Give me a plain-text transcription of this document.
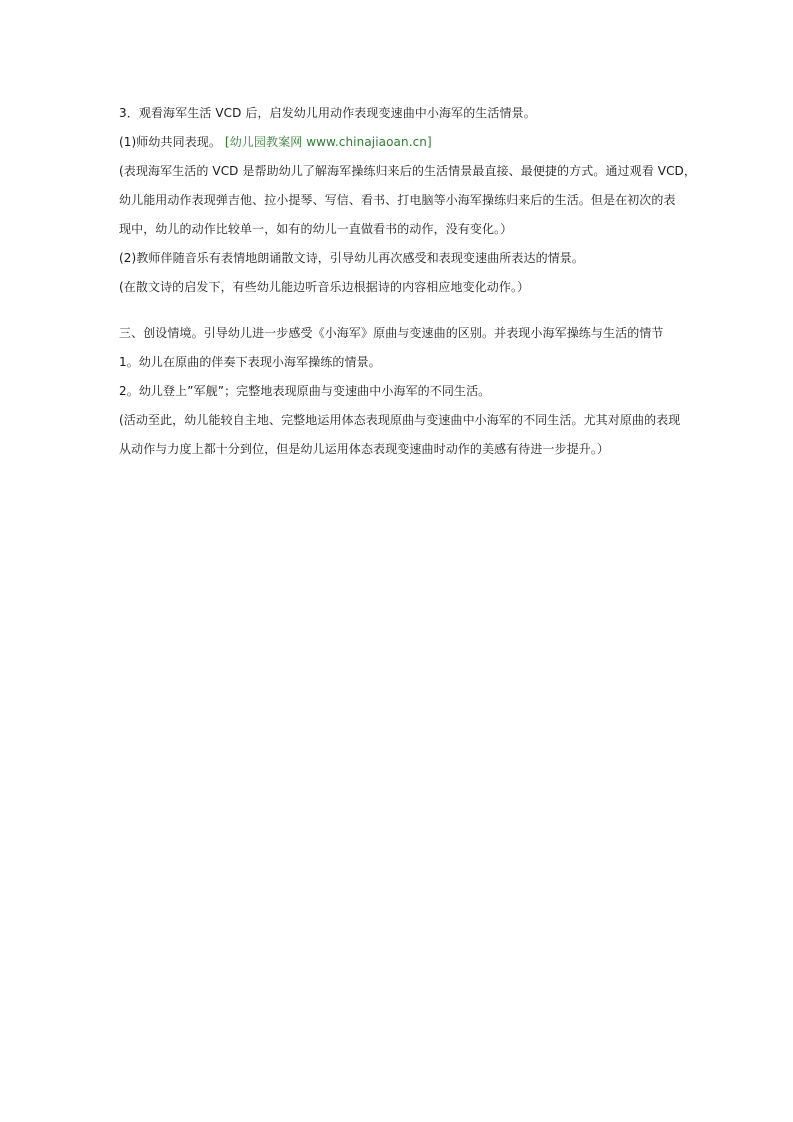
3．观看海军生活 VCD 后，启发幼儿用动作表现变速曲中小海军的生活情景。
(1)师幼共同表现。 [幼儿园教案网 www.chinajiaoan.cn]
(表现海军生活的 VCD 是帮助幼儿了解海军操练归来后的生活情景最直接、最便捷的方式。通过观看 VCD，
幼儿能用动作表现弹吉他、拉小提琴、写信、看书、打电脑等小海军操练归来后的生活。但是在初次的表
现中，幼儿的动作比较单一，如有的幼儿一直做看书的动作，没有变化。）
(2)教师伴随音乐有表情地朗诵散文诗，引导幼儿再次感受和表现变速曲所表达的情景。
(在散文诗的启发下，有些幼儿能边听音乐边根据诗的内容相应地变化动作。）
三、创设情境。引导幼儿进一步感受《小海军》原曲与变速曲的区别。并表现小海军操练与生活的情节
1。幼儿在原曲的伴奏下表现小海军操练的情景。
2。幼儿登上”军舰”；完整地表现原曲与变速曲中小海军的不同生活。
(活动至此，幼儿能较自主地、完整地运用体态表现原曲与变速曲中小海军的不同生活。尤其对原曲的表现
从动作与力度上都十分到位，但是幼儿运用体态表现变速曲时动作的美感有待进一步提升。）
